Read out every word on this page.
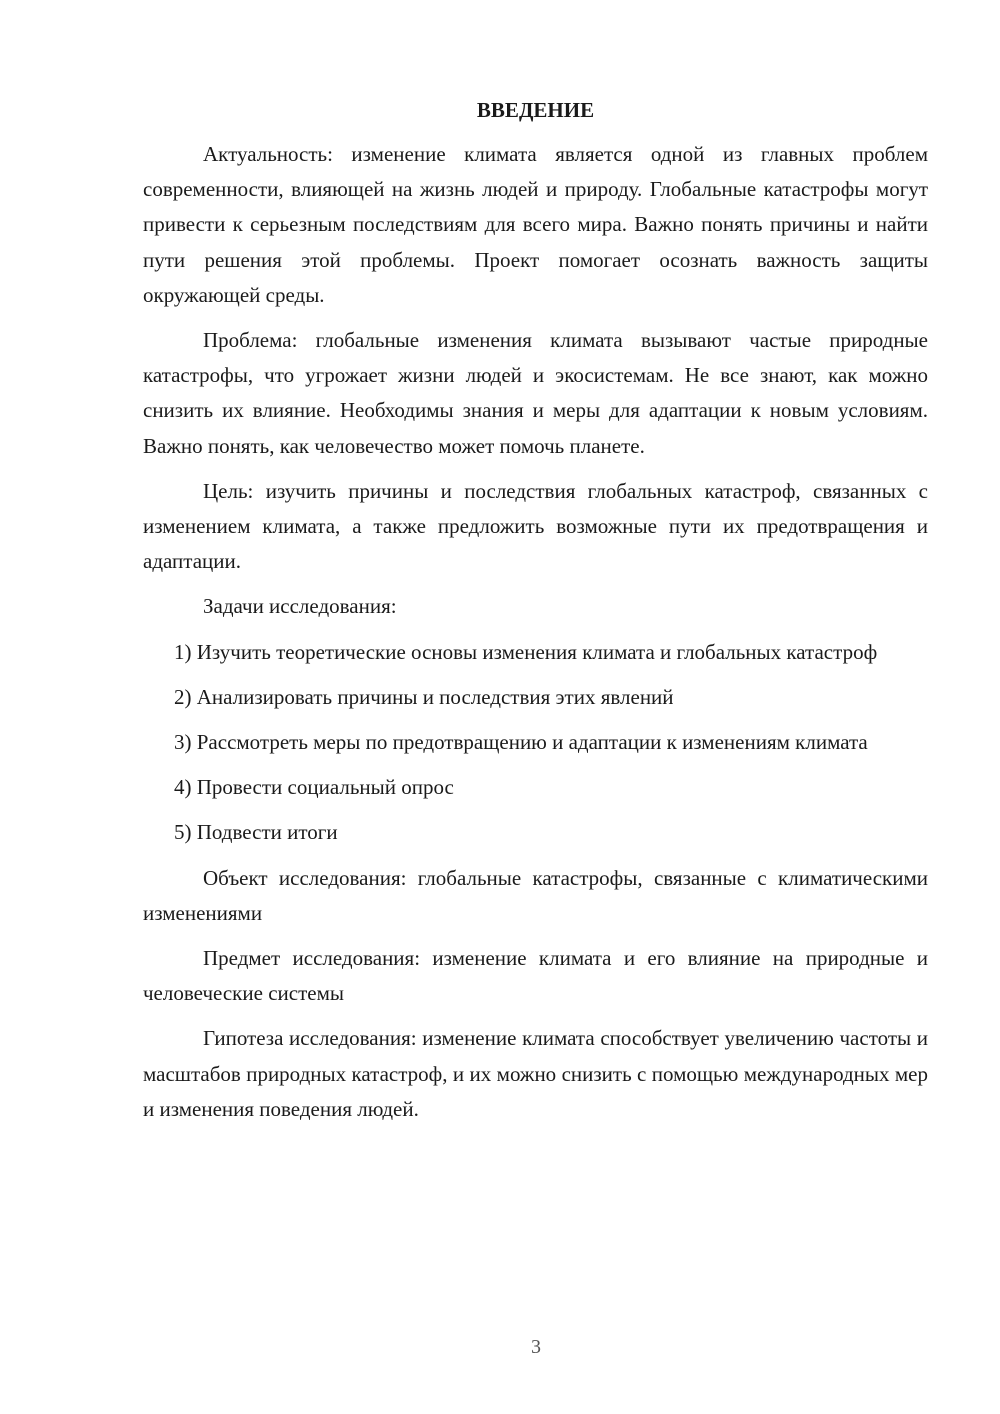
ВВЕДЕНИЕ

Актуальность: изменение климата является одной из главных проблем современности, влияющей на жизнь людей и природу. Глобальные катастрофы могут привести к серьезным последствиям для всего мира. Важно понять причины и найти пути решения этой проблемы. Проект помогает осознать важность защиты окружающей среды.

Проблема: глобальные изменения климата вызывают частые природные катастрофы, что угрожает жизни людей и экосистемам. Не все знают, как можно снизить их влияние. Необходимы знания и меры для адаптации к новым условиям. Важно понять, как человечество может помочь планете.

Цель: изучить причины и последствия глобальных катастроф, связанных с изменением климата, а также предложить возможные пути их предотвращения и адаптации.

Задачи исследования:

1) Изучить теоретические основы изменения климата и глобальных катастроф

2) Анализировать причины и последствия этих явлений

3) Рассмотреть меры по предотвращению и адаптации к изменениям климата

4) Провести социальный опрос

5) Подвести итоги

Объект исследования: глобальные катастрофы, связанные с климатическими изменениями

Предмет исследования: изменение климата и его влияние на природные и человеческие системы

Гипотеза исследования: изменение климата способствует увеличению частоты и масштабов природных катастроф, и их можно снизить с помощью международных мер и изменения поведения людей.

3
